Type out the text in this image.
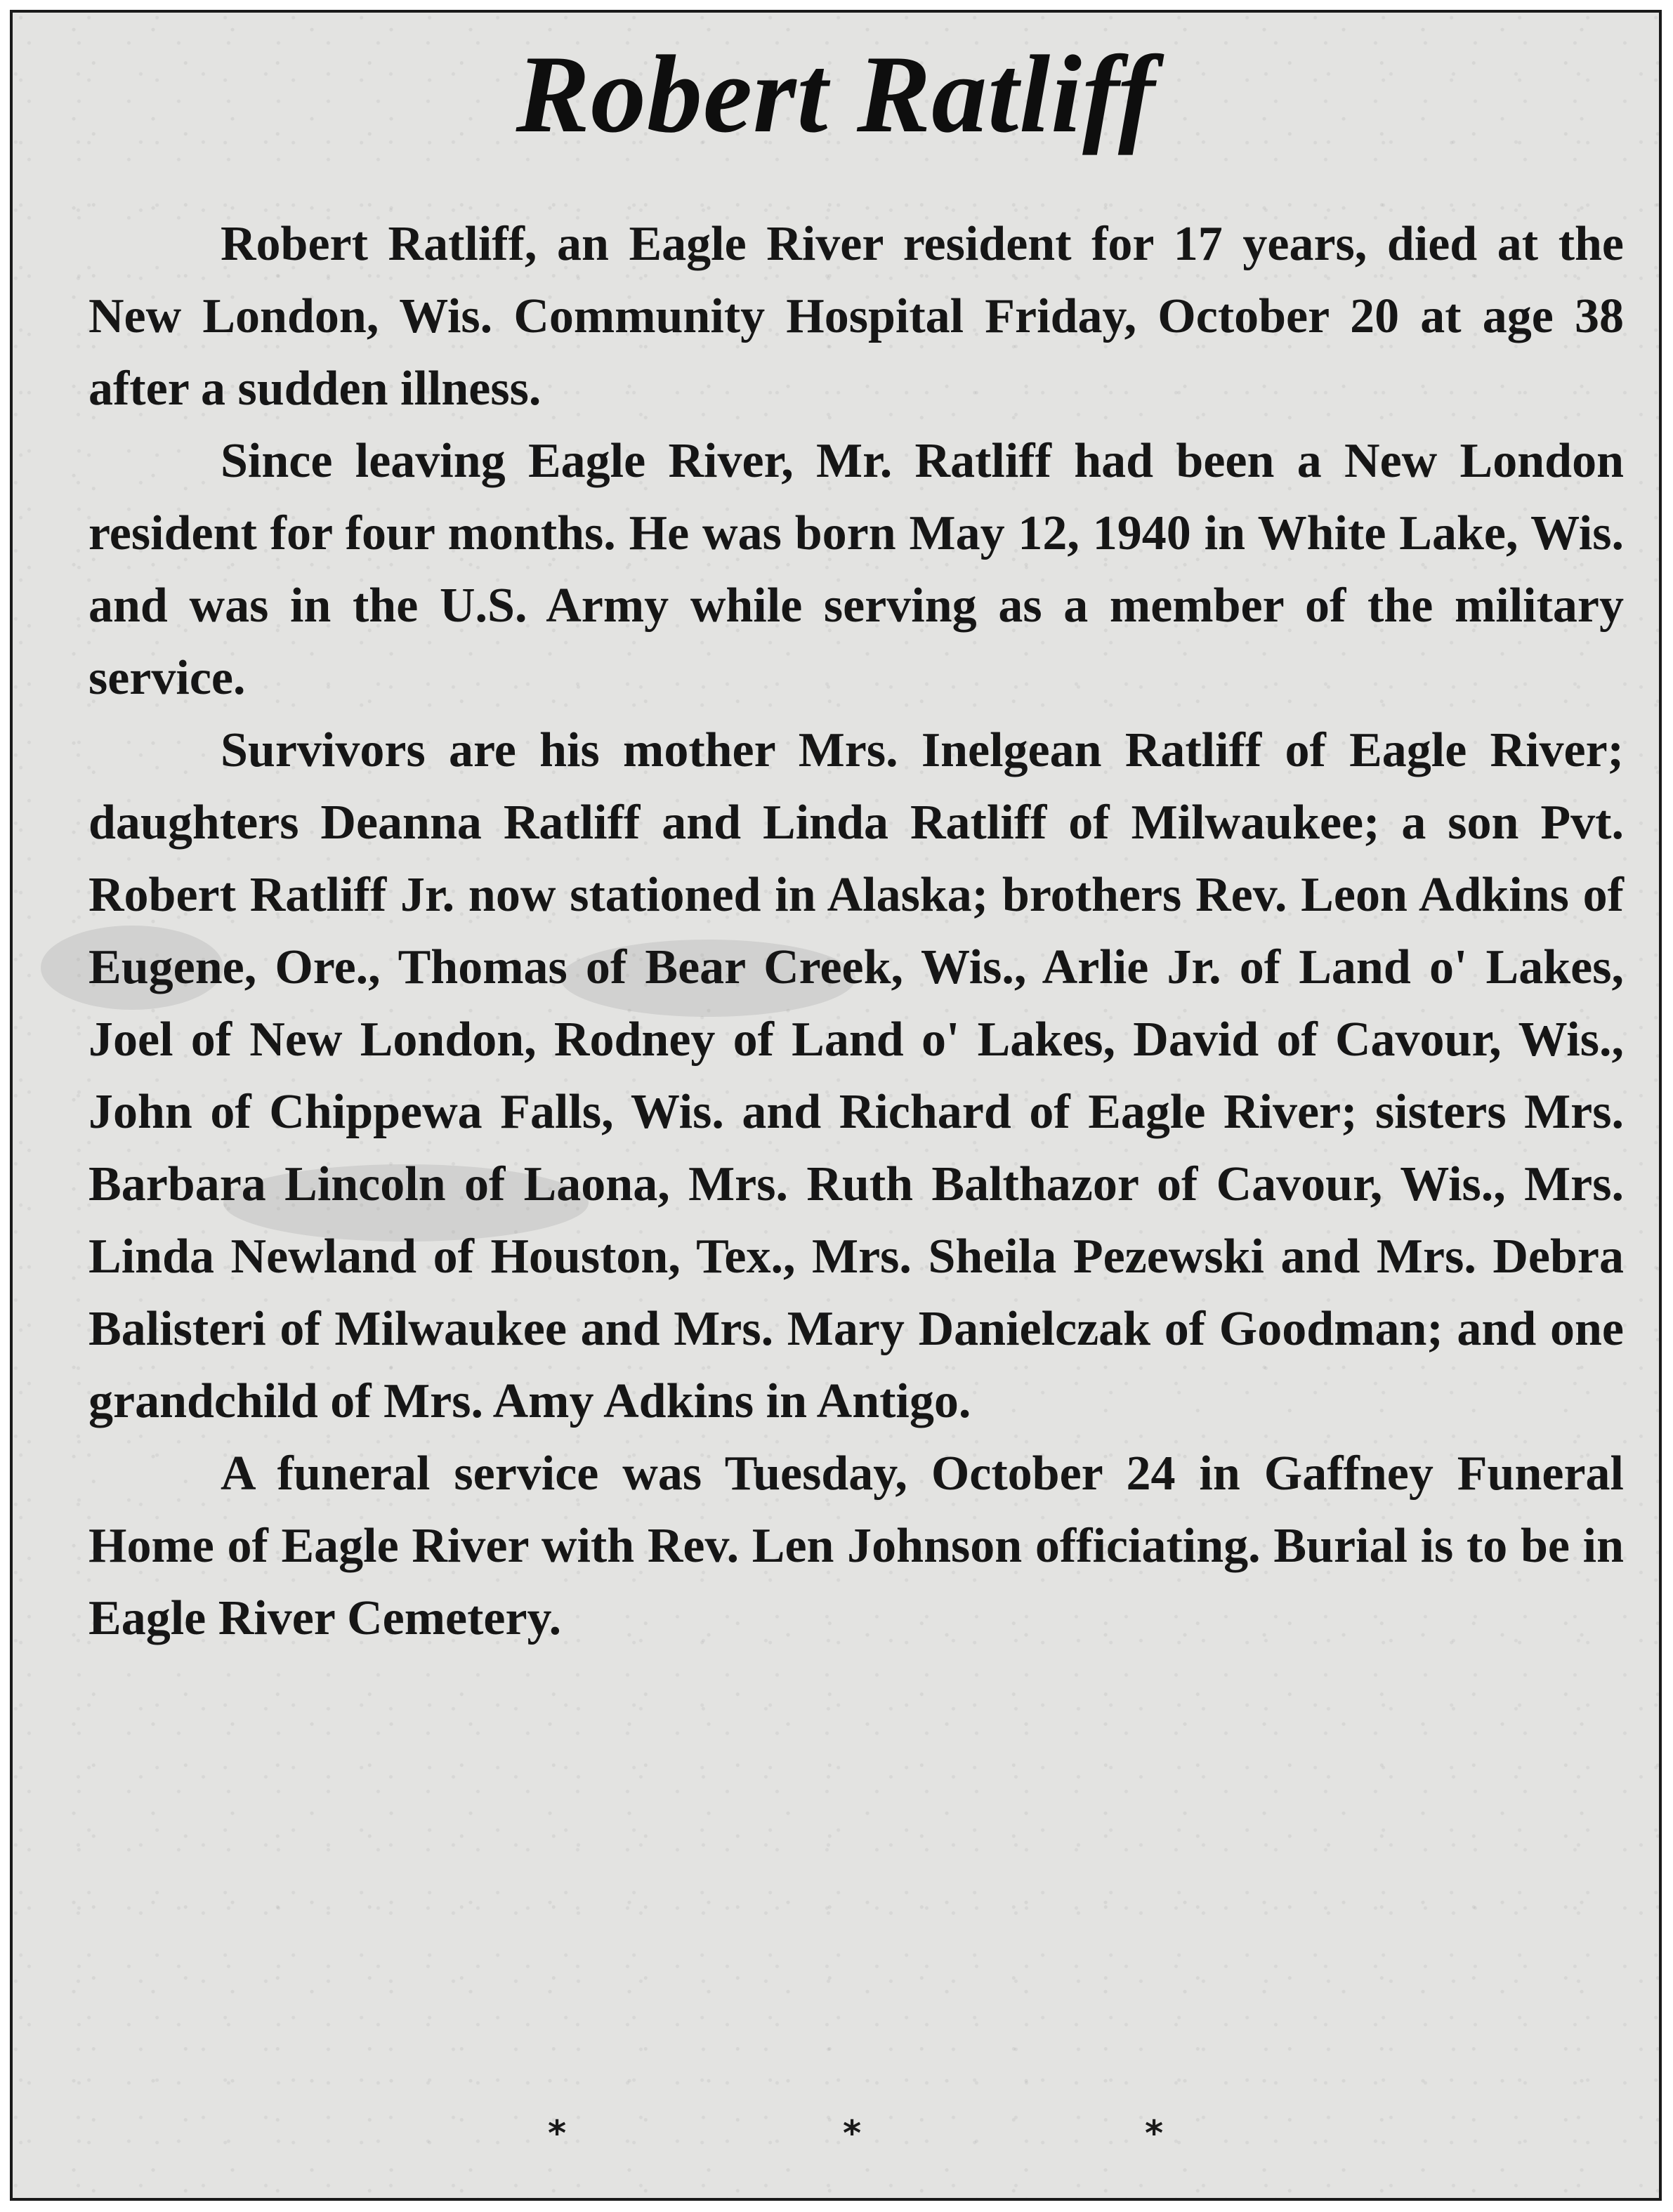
Robert Ratliff

Robert Ratliff, an Eagle River resident for 17 years, died at the New London, Wis. Community Hospital Friday, October 20 at age 38 after a sudden illness.

Since leaving Eagle River, Mr. Ratliff had been a New London resident for four months. He was born May 12, 1940 in White Lake, Wis. and was in the U.S. Army while serving as a member of the military service.

Survivors are his mother Mrs. Inelgean Ratliff of Eagle River; daughters Deanna Ratliff and Linda Ratliff of Milwaukee; a son Pvt. Robert Ratliff Jr. now stationed in Alaska; brothers Rev. Leon Adkins of Eugene, Ore., Thomas of Bear Creek, Wis., Arlie Jr. of Land o' Lakes, Joel of New London, Rodney of Land o' Lakes, David of Cavour, Wis., John of Chippewa Falls, Wis. and Richard of Eagle River; sisters Mrs. Barbara Lincoln of Laona, Mrs. Ruth Balthazor of Cavour, Wis., Mrs. Linda Newland of Houston, Tex., Mrs. Sheila Pezewski and Mrs. Debra Balisteri of Milwaukee and Mrs. Mary Danielczak of Goodman; and one grandchild of Mrs. Amy Adkins in Antigo.

A funeral service was Tuesday, October 24 in Gaffney Funeral Home of Eagle River with Rev. Len Johnson officiating. Burial is to be in Eagle River Cemetery.

*	*	*
